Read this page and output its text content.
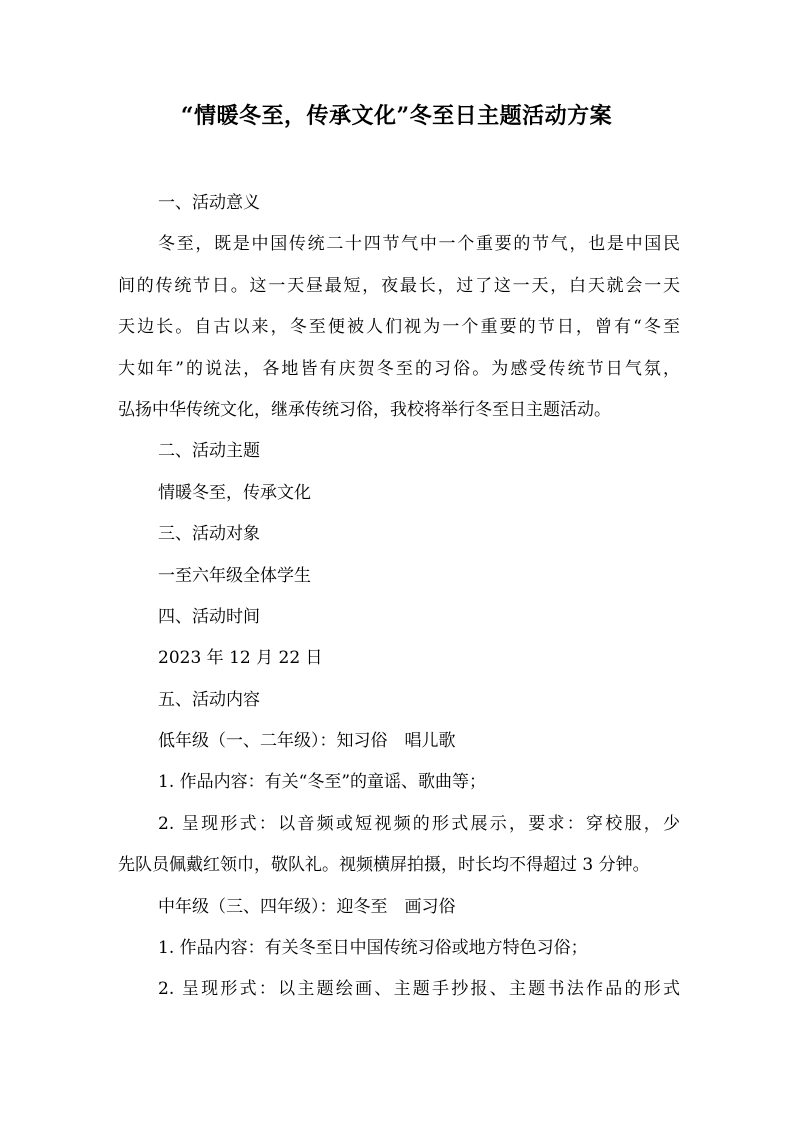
“情暖冬至，传承文化”冬至日主题活动方案
一、活动意义
冬至，既是中国传统二十四节气中一个重要的节气，也是中国民
间的传统节日。这一天昼最短，夜最长，过了这一天，白天就会一天
天边长。自古以来，冬至便被人们视为一个重要的节日，曾有“冬至
大如年”的说法，各地皆有庆贺冬至的习俗。为感受传统节日气氛，
弘扬中华传统文化，继承传统习俗，我校将举行冬至日主题活动。
二、活动主题
情暖冬至，传承文化
三、活动对象
一至六年级全体学生
四、活动时间
2023 年 12 月 22 日
五、活动内容
低年级（一、二年级）：知习俗　唱儿歌
1. 作品内容：有关“冬至”的童谣、歌曲等；
2. 呈现形式：以音频或短视频的形式展示，要求：穿校服，少
先队员佩戴红领巾，敬队礼。视频横屏拍摄，时长均不得超过 3 分钟。
中年级（三、四年级）：迎冬至　画习俗
1. 作品内容：有关冬至日中国传统习俗或地方特色习俗；
2. 呈现形式：以主题绘画、主题手抄报、主题书法作品的形式
